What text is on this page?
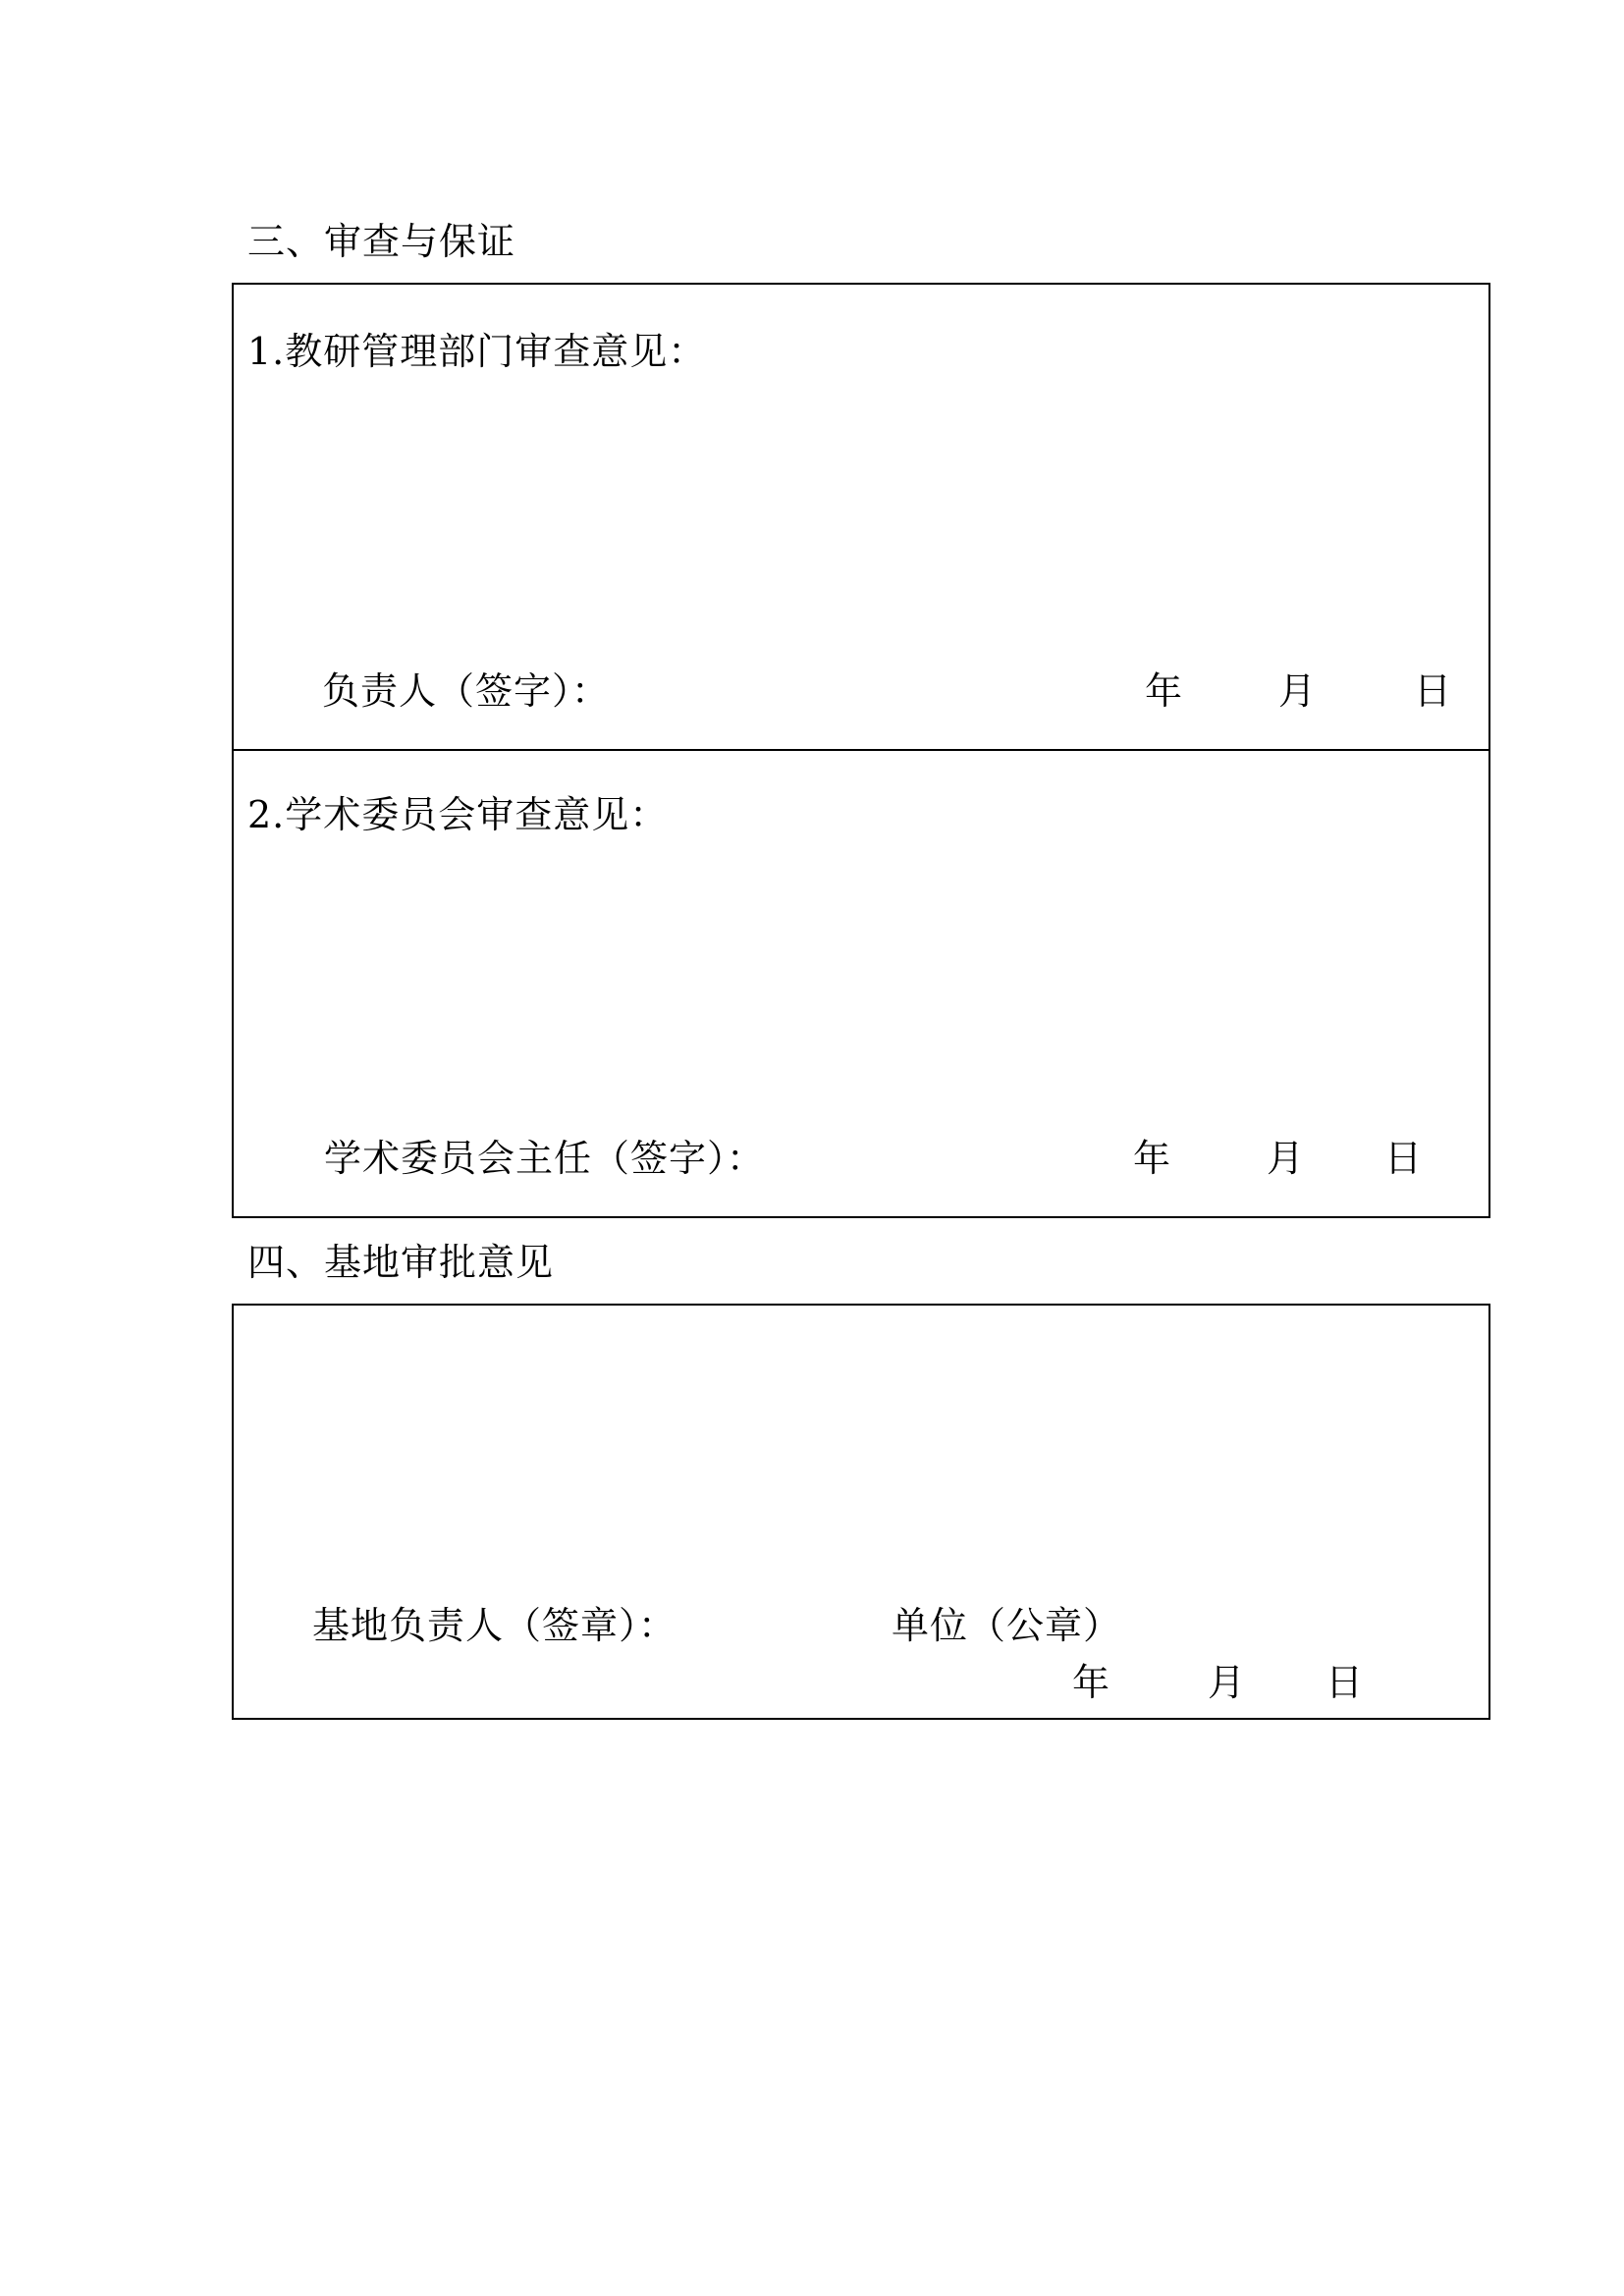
三、审查与保证
1.教研管理部门审查意见：
负责人（签字）：	年	月	日
2.学术委员会审查意见：
学术委员会主任（签字）：	年	月 日
四、基地审批意见
基地负责人（签章）：	单位（公章）
年	月 日
